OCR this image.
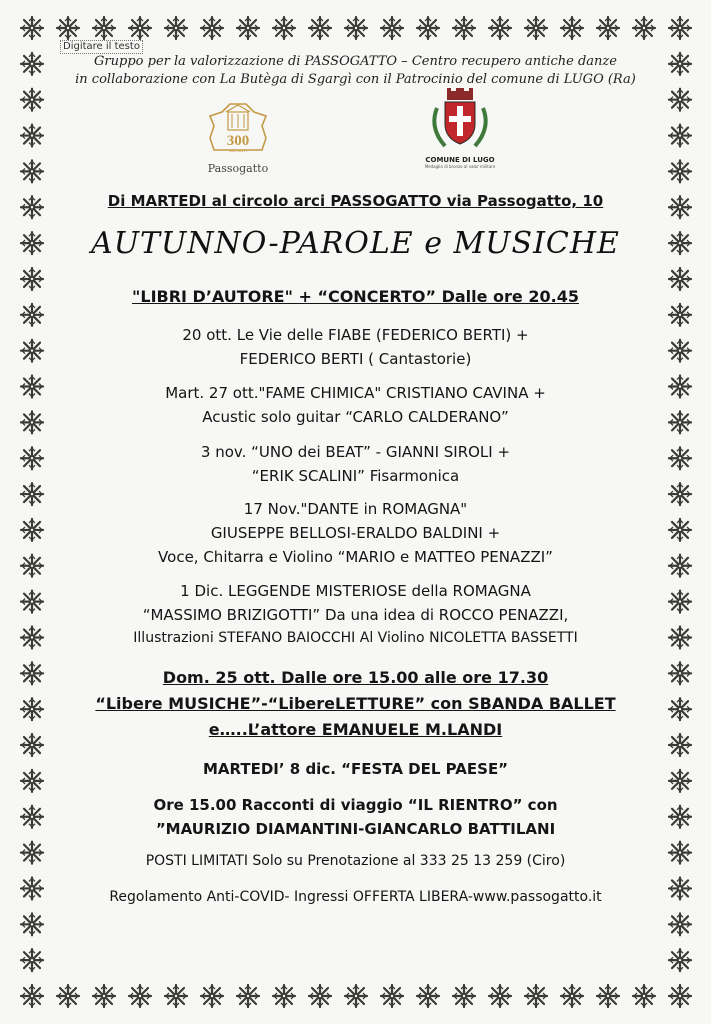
Digitare il testo
Gruppo per la valorizzazione di PASSOGATTO – Centro recupero antiche danze
in collaborazione con La Butèga di Sgargì con il Patrocinio del comune di LUGO (Ra)
300
ABITANTI
Passogatto
COMUNE DI LUGO
Medaglia di bronzo al valor militare
Di MARTEDI al circolo arci PASSOGATTO via Passogatto, 10
AUTUNNO-PAROLE e MUSICHE
"LIBRI D’AUTORE" + “CONCERTO” Dalle ore 20.45
20 ott. Le Vie delle FIABE (FEDERICO BERTI) +
FEDERICO BERTI ( Cantastorie)
Mart. 27 ott."FAME CHIMICA" CRISTIANO CAVINA +
Acustic solo guitar “CARLO CALDERANO”
3 nov. “UNO dei BEAT” - GIANNI SIROLI +
“ERIK SCALINI” Fisarmonica
17 Nov."DANTE in ROMAGNA"
GIUSEPPE BELLOSI-ERALDO BALDINI +
Voce, Chitarra e Violino “MARIO e MATTEO PENAZZI”
1 Dic. LEGGENDE MISTERIOSE della ROMAGNA
“MASSIMO BRIZIGOTTI” Da una idea di ROCCO PENAZZI,
Illustrazioni STEFANO BAIOCCHI Al Violino NICOLETTA BASSETTI
Dom. 25 ott. Dalle ore 15.00 alle ore 17.30
“Libere MUSICHE”-“LibereLETTURE” con SBANDA BALLET
e…..L’attore EMANUELE M.LANDI
MARTEDI’ 8 dic. “FESTA DEL PAESE”
Ore 15.00 Racconti di viaggio “IL RIENTRO” con
”MAURIZIO DIAMANTINI-GIANCARLO BATTILANI
POSTI LIMITATI Solo su Prenotazione al 333 25 13 259 (Ciro)
Regolamento Anti-COVID- Ingressi OFFERTA LIBERA-www.passogatto.it
